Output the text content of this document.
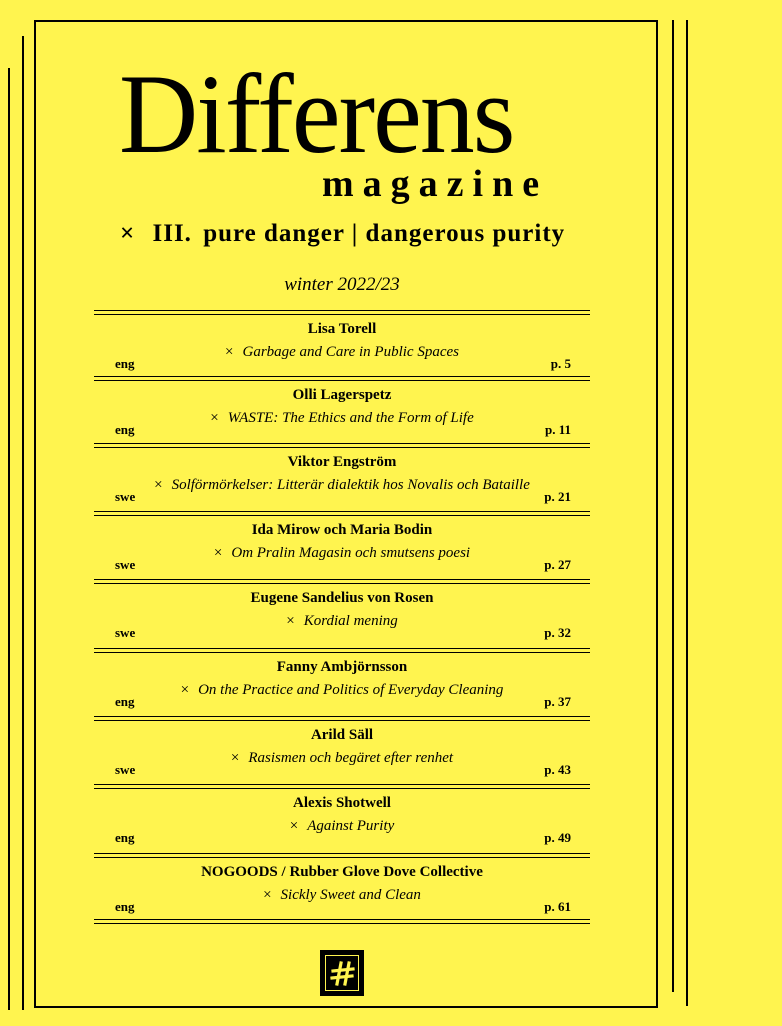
Differens
magazine
× III. pure danger | dangerous purity
winter 2022/23
Lisa Torell
× Garbage and Care in Public Spaces
eng	p. 5
Olli Lagerspetz
× WASTE: The Ethics and the Form of Life
eng	p. 11
Viktor Engström
× Solförmörkelser: Litterär dialektik hos Novalis och Bataille
swe	p. 21
Ida Mirow och Maria Bodin
× Om Pralin Magasin och smutsens poesi
swe	p. 27
Eugene Sandelius von Rosen
× Kordial mening
swe	p. 32
Fanny Ambjörnsson
× On the Practice and Politics of Everyday Cleaning
eng	p. 37
Arild Säll
× Rasismen och begäret efter renhet
swe	p. 43
Alexis Shotwell
× Against Purity
eng	p. 49
NOGOODS / Rubber Glove Dove Collective
× Sickly Sweet and Clean
eng	p. 61
